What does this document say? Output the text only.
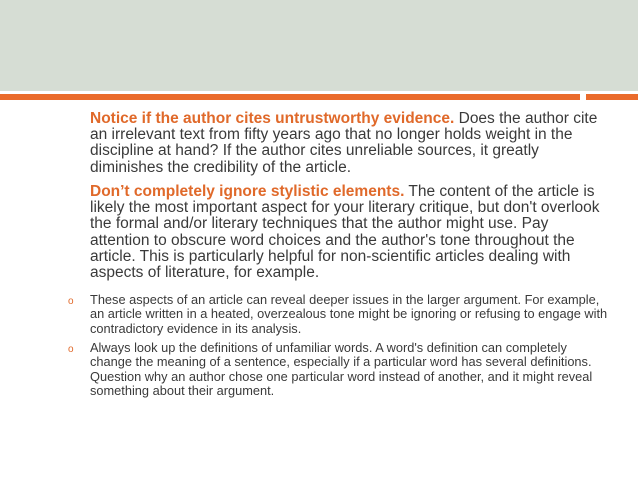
Notice if the author cites untrustworthy evidence. Does the author cite an irrelevant text from fifty years ago that no longer holds weight in the discipline at hand? If the author cites unreliable sources, it greatly diminishes the credibility of the article.
Don’t completely ignore stylistic elements. The content of the article is likely the most important aspect for your literary critique, but don't overlook the formal and/or literary techniques that the author might use. Pay attention to obscure word choices and the author's tone throughout the article. This is particularly helpful for non-scientific articles dealing with aspects of literature, for example.
o These aspects of an article can reveal deeper issues in the larger argument. For example, an article written in a heated, overzealous tone might be ignoring or refusing to engage with contradictory evidence in its analysis.
o Always look up the definitions of unfamiliar words. A word's definition can completely change the meaning of a sentence, especially if a particular word has several definitions. Question why an author chose one particular word instead of another, and it might reveal something about their argument.
